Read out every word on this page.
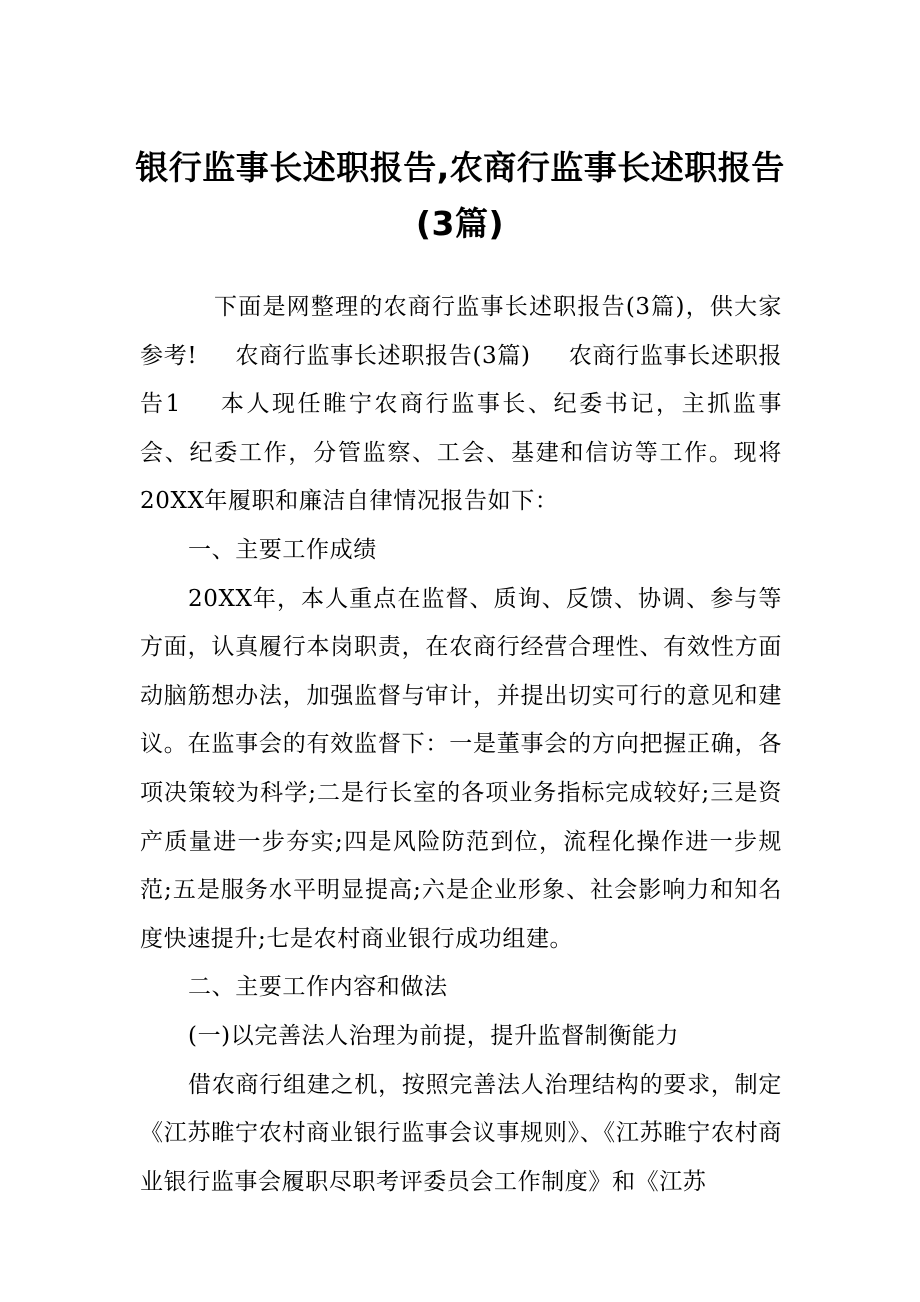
银行监事长述职报告,农商行监事长述职报告(3篇)

下面是网整理的农商行监事长述职报告(3篇)，供大家参考! 农商行监事长述职报告(3篇) 农商行监事长述职报告1 本人现任睢宁农商行监事长、纪委书记，主抓监事会、纪委工作，分管监察、工会、基建和信访等工作。现将20XX年履职和廉洁自律情况报告如下：

一、主要工作成绩

20XX年，本人重点在监督、质询、反馈、协调、参与等方面，认真履行本岗职责，在农商行经营合理性、有效性方面动脑筋想办法，加强监督与审计，并提出切实可行的意见和建议。在监事会的有效监督下：一是董事会的方向把握正确，各项决策较为科学;二是行长室的各项业务指标完成较好;三是资产质量进一步夯实;四是风险防范到位，流程化操作进一步规范;五是服务水平明显提高;六是企业形象、社会影响力和知名度快速提升;七是农村商业银行成功组建。

二、主要工作内容和做法

(一)以完善法人治理为前提，提升监督制衡能力

借农商行组建之机，按照完善法人治理结构的要求，制定《江苏睢宁农村商业银行监事会议事规则》、《江苏睢宁农村商业银行监事会履职尽职考评委员会工作制度》和《江苏
